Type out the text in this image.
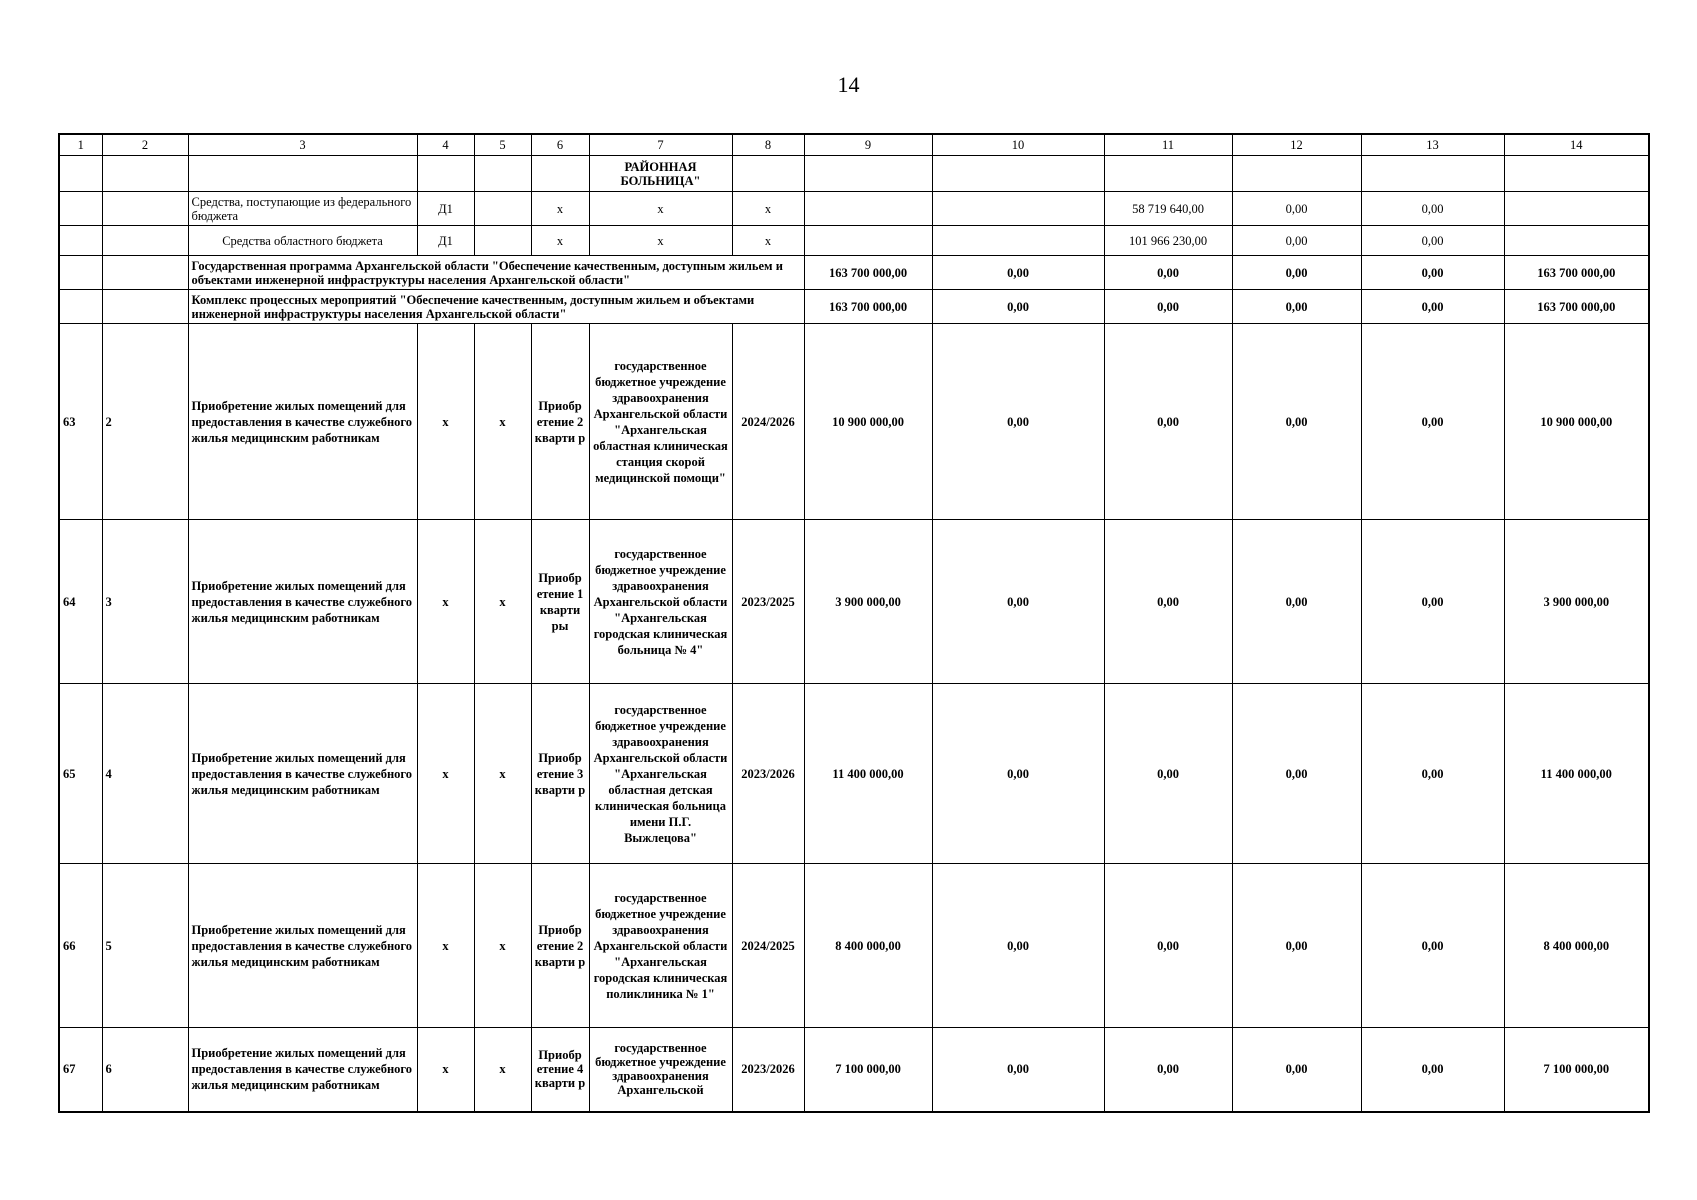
14
1	2	3	4	5	6	7	8	9	10	11	12	13	14
						РАЙОННАЯ БОЛЬНИЦА"							
		Средства, поступающие из федерального бюджета	Д1		х	х	х			58 719 640,00	0,00	0,00	
		Средства областного бюджета	Д1		х	х	х			101 966 230,00	0,00	0,00	
		Государственная программа Архангельской области "Обеспечение качественным, доступным жильем и объектами инженерной инфраструктуры населения Архангельской области"						163 700 000,00	0,00	0,00	0,00	0,00	163 700 000,00
		Комплекс процессных мероприятий "Обеспечение качественным, доступным жильем и объектами инженерной инфраструктуры населения Архангельской области"						163 700 000,00	0,00	0,00	0,00	0,00	163 700 000,00
63	2	Приобретение жилых помещений для предоставления в качестве служебного жилья медицинским работникам	х	х	Приобр етение 2 кварти р	государственное бюджетное учреждение здравоохранения Архангельской области "Архангельская областная клиническая станция скорой медицинской помощи"	2024/2026	10 900 000,00	0,00	0,00	0,00	0,00	10 900 000,00
64	3	Приобретение жилых помещений для предоставления в качестве служебного жилья медицинским работникам	х	х	Приобр етение 1 кварти ры	государственное бюджетное учреждение здравоохранения Архангельской области "Архангельская городская клиническая больница № 4"	2023/2025	3 900 000,00	0,00	0,00	0,00	0,00	3 900 000,00
65	4	Приобретение жилых помещений для предоставления в качестве служебного жилья медицинским работникам	х	х	Приобр етение 3 кварти р	государственное бюджетное учреждение здравоохранения Архангельской области "Архангельская областная детская клиническая больница имени П.Г. Выжлецова"	2023/2026	11 400 000,00	0,00	0,00	0,00	0,00	11 400 000,00
66	5	Приобретение жилых помещений для предоставления в качестве служебного жилья медицинским работникам	х	х	Приобр етение 2 кварти р	государственное бюджетное учреждение здравоохранения Архангельской области "Архангельская городская клиническая поликлиника № 1"	2024/2025	8 400 000,00	0,00	0,00	0,00	0,00	8 400 000,00
67	6	Приобретение жилых помещений для предоставления в качестве служебного жилья медицинским работникам	х	х	Приобр етение 4 кварти р	государственное бюджетное учреждение здравоохранения Архангельской	2023/2026	7 100 000,00	0,00	0,00	0,00	0,00	7 100 000,00
